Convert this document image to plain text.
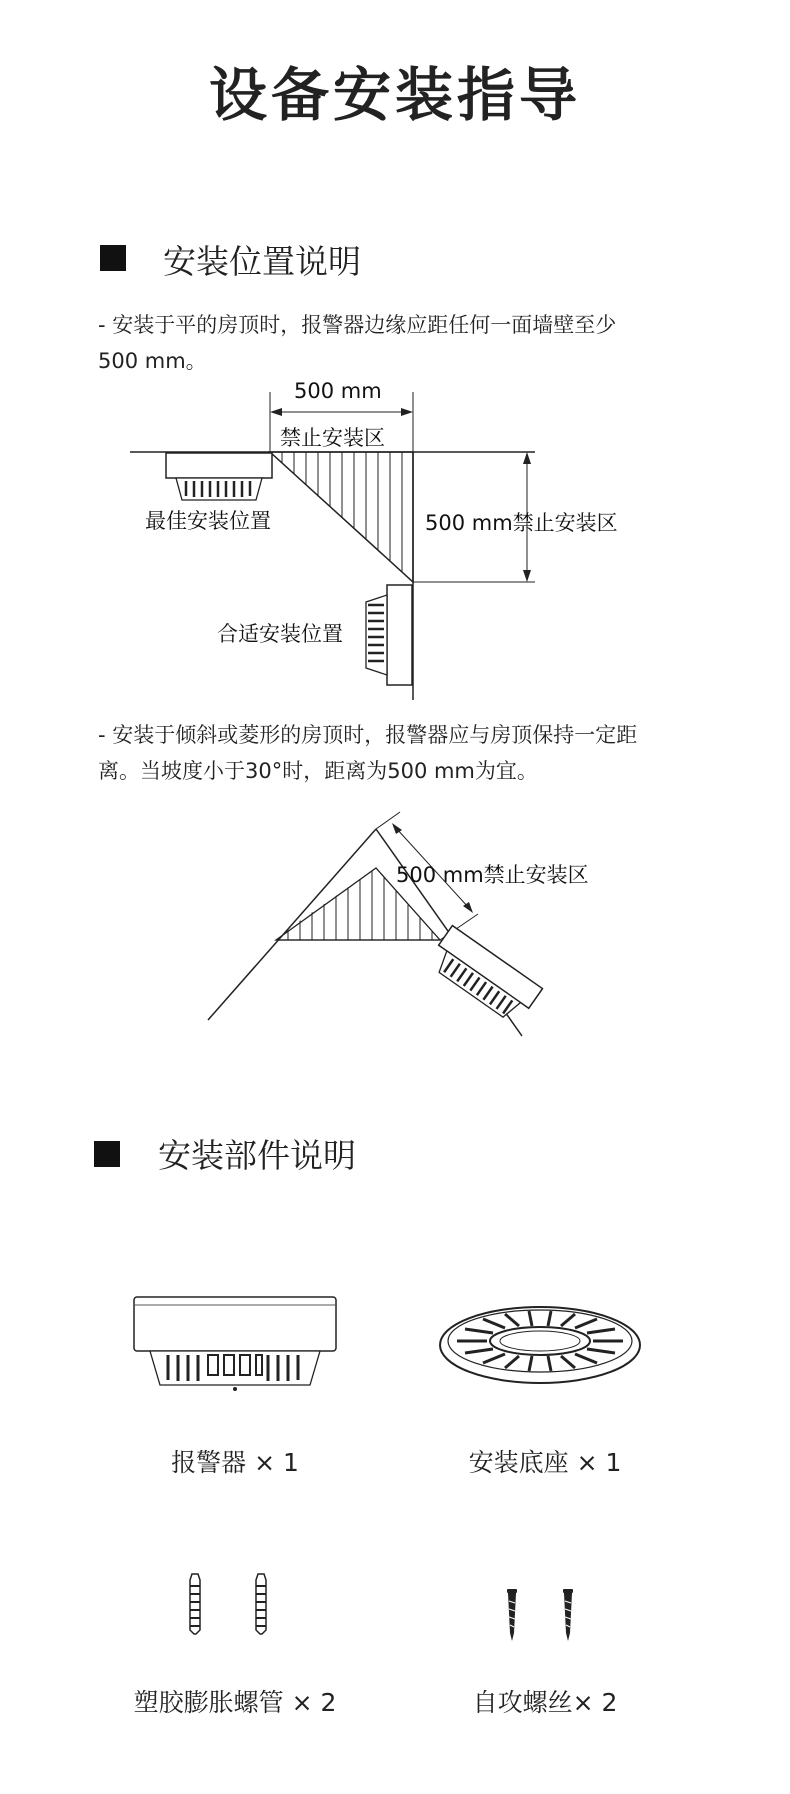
设备安装指导
安装位置说明
- 安装于平的房顶时，报警器边缘应距任何一面墙壁至少
500 mm。
500 mm
禁止安装区
最佳安装位置	500 mm禁止安装区
合适安装位置
- 安装于倾斜或菱形的房顶时，报警器应与房顶保持一定距
离。当坡度小于30°时，距离为500 mm为宜。
500 mm禁止安装区
安装部件说明
报警器 × 1	安装底座 × 1
塑胶膨胀螺管 × 2	自攻螺丝× 2
